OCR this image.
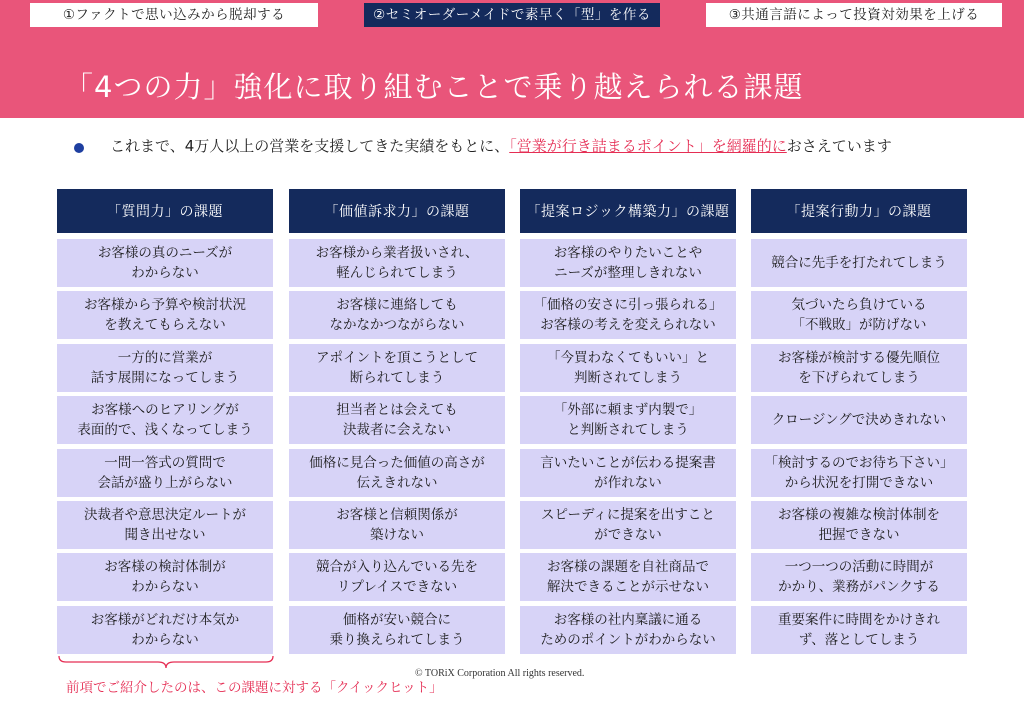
①ファクトで思い込みから脱却する	②セミオーダーメイドで素早く「型」を作る	③共通言語によって投資対効果を上げる
「4つの力」強化に取り組むことで乗り越えられる課題
これまで、4万人以上の営業を支援してきた実績をもとに、「営業が行き詰まるポイント」を網羅的におさえています
「質問力」の課題
お客様の真のニーズが
わからない
お客様から予算や検討状況
を教えてもらえない
一方的に営業が
話す展開になってしまう
お客様へのヒアリングが
表面的で、浅くなってしまう
一問一答式の質問で
会話が盛り上がらない
決裁者や意思決定ルートが
聞き出せない
お客様の検討体制が
わからない
お客様がどれだけ本気か
わからない
「価値訴求力」の課題
お客様から業者扱いされ、
軽んじられてしまう
お客様に連絡しても
なかなかつながらない
アポイントを頂こうとして
断られてしまう
担当者とは会えても
決裁者に会えない
価格に見合った価値の高さが
伝えきれない
お客様と信頼関係が
築けない
競合が入り込んでいる先を
リプレイスできない
価格が安い競合に
乗り換えられてしまう
「提案ロジック構築力」の課題
お客様のやりたいことや
ニーズが整理しきれない
「価格の安さに引っ張られる」
お客様の考えを変えられない
「今買わなくてもいい」と
判断されてしまう
「外部に頼まず内製で」
と判断されてしまう
言いたいことが伝わる提案書
が作れない
スピーディに提案を出すこと
ができない
お客様の課題を自社商品で
解決できることが示せない
お客様の社内稟議に通る
ためのポイントがわからない
「提案行動力」の課題
競合に先手を打たれてしまう
気づいたら負けている
「不戦敗」が防げない
お客様が検討する優先順位
を下げられてしまう
クロージングで決めきれない
「検討するのでお待ち下さい」
から状況を打開できない
お客様の複雑な検討体制を
把握できない
一つ一つの活動に時間が
かかり、業務がパンクする
重要案件に時間をかけきれ
ず、落としてしまう
© TORiX Corporation All rights reserved.
前項でご紹介したのは、この課題に対する「クイックヒット」
